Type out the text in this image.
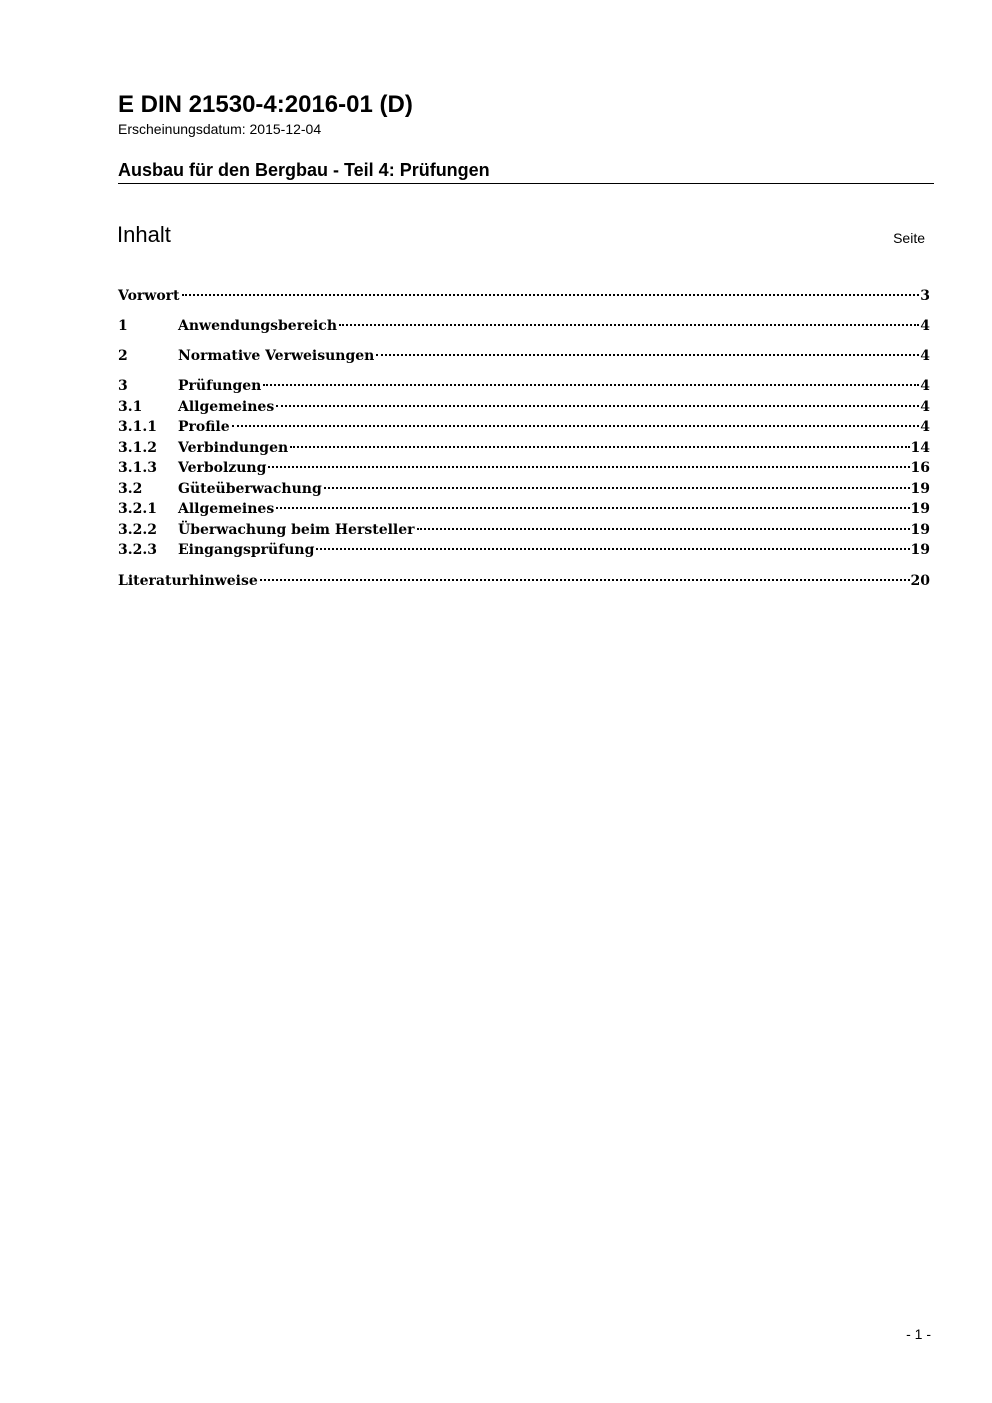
E DIN 21530-4:2016-01 (D)
Erscheinungsdatum: 2015-12-04
Ausbau für den Bergbau - Teil 4: Prüfungen
Inhalt	Seite
Vorwort	3
1	Anwendungsbereich	4
2	Normative Verweisungen	4
3	Prüfungen	4
3.1	Allgemeines	4
3.1.1	Profile	4
3.1.2	Verbindungen	14
3.1.3	Verbolzung	16
3.2	Güteüberwachung	19
3.2.1	Allgemeines	19
3.2.2	Überwachung beim Hersteller	19
3.2.3	Eingangsprüfung	19
Literaturhinweise	20
- 1 -
